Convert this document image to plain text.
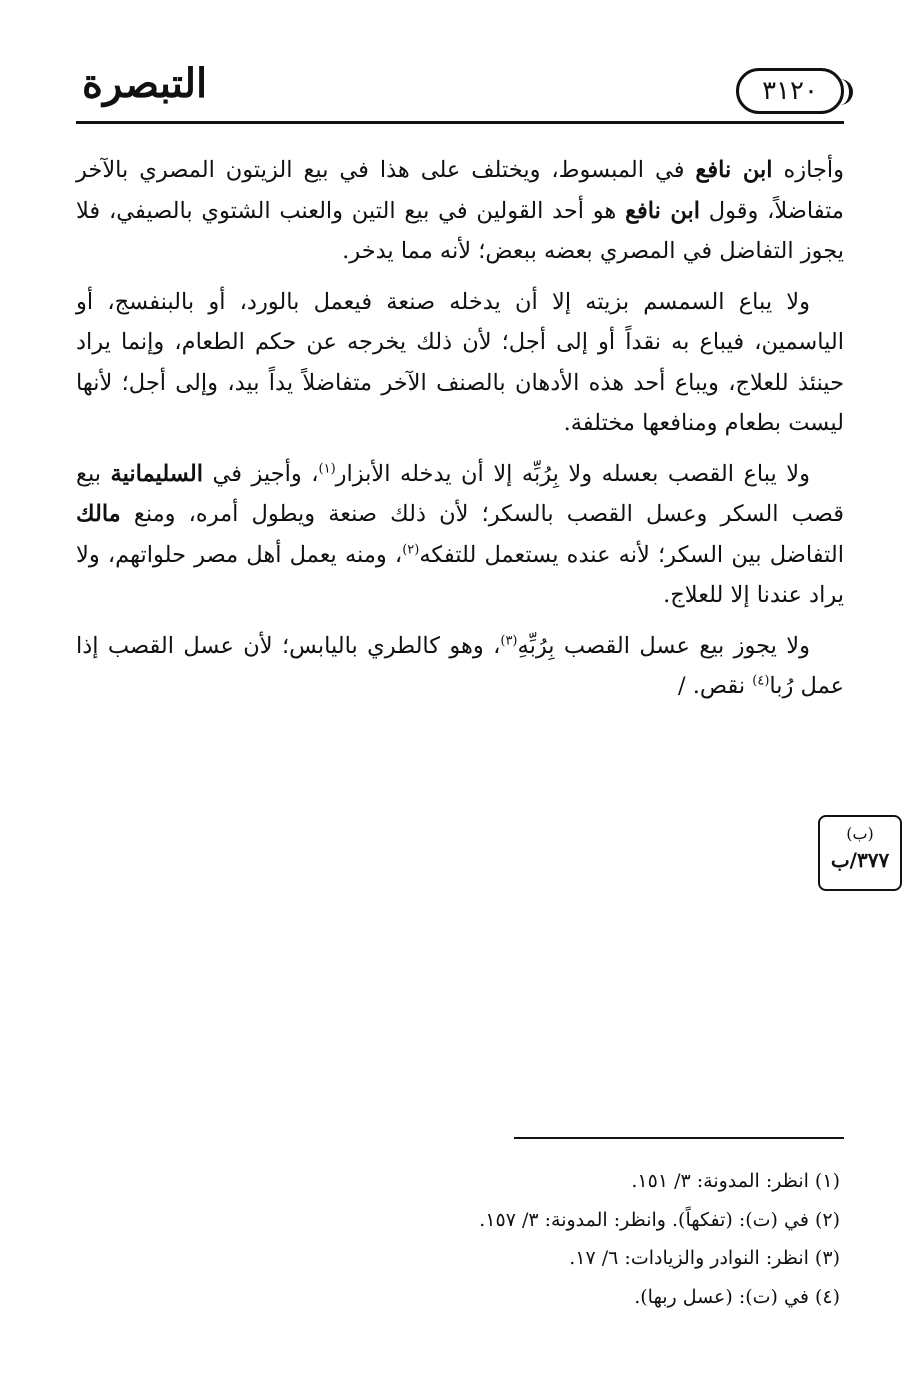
التبصرة	٣١٢٠

وأجازه ابن نافع في المبسوط، ويختلف على هذا في بيع الزيتون المصري بالآخر متفاضلاً، وقول ابن نافع هو أحد القولين في بيع التين والعنب الشتوي بالصيفي، فلا يجوز التفاضل في المصري بعضه ببعض؛ لأنه مما يدخر.

ولا يباع السمسم بزيته إلا أن يدخله صنعة فيعمل بالورد، أو بالبنفسج، أو الياسمين، فيباع به نقداً أو إلى أجل؛ لأن ذلك يخرجه عن حكم الطعام، وإنما يراد حينئذ للعلاج، ويباع أحد هذه الأدهان بالصنف الآخر متفاضلاً يداً بيد، وإلى أجل؛ لأنها ليست بطعام ومنافعها مختلفة.

ولا يباع القصب بعسله ولا بِرُبِّه إلا أن يدخله الأبزار$^{(١)}$، وأجيز في السليمانية بيع قصب السكر وعسل القصب بالسكر؛ لأن ذلك صنعة ويطول أمره، ومنع مالك التفاضل بين السكر؛ لأنه عنده يستعمل للتفكه$^{(٢)}$، ومنه يعمل أهل مصر حلواتهم، ولا يراد عندنا إلا للعلاج.

ولا يجوز بيع عسل القصب بِرُبِّهِ$^{(٣)}$، وهو كالطري باليابس؛ لأن عسل القصب إذا عمل رُبا$^{(٤)}$ نقص. /

(ب)
٣٧٧/ب
(١) انظر: المدونة: ٣/ ١٥١.
(٢) في (ت): (تفكهاً). وانظر: المدونة: ٣/ ١٥٧.
(٣) انظر: النوادر والزيادات: ٦/ ١٧.
(٤) في (ت): (عسل ربها).
